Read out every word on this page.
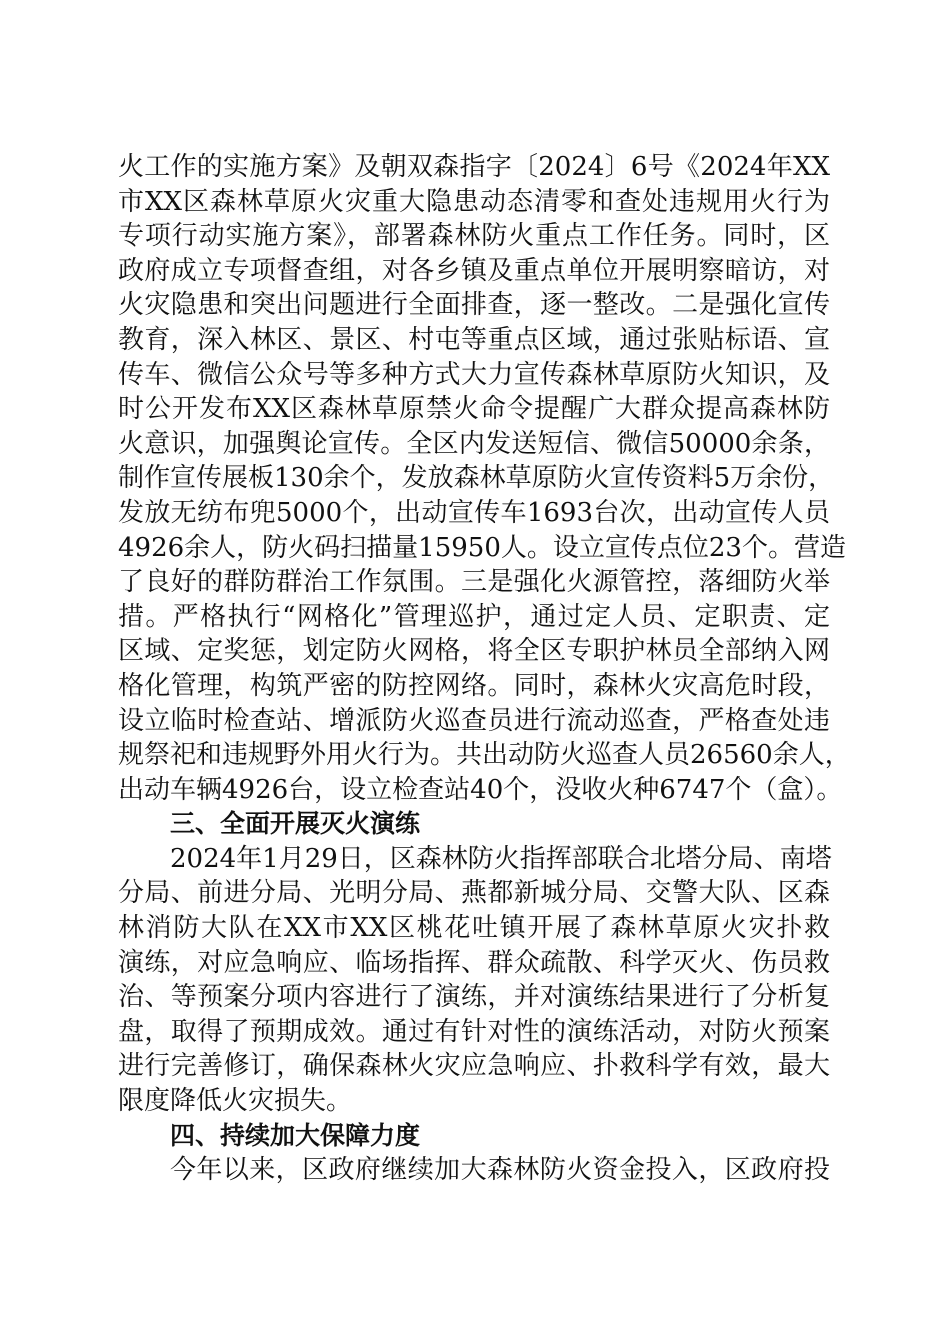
火工作的实施方案》及朝双森指字〔2024〕6号《2024年XX
市XX区森林草原火灾重大隐患动态清零和查处违规用火行为
专项行动实施方案》，部署森林防火重点工作任务。同时，区
政府成立专项督查组，对各乡镇及重点单位开展明察暗访，对
火灾隐患和突出问题进行全面排查，逐一整改。二是强化宣传
教育，深入林区、景区、村屯等重点区域，通过张贴标语、宣
传车、微信公众号等多种方式大力宣传森林草原防火知识，及
时公开发布XX区森林草原禁火命令提醒广大群众提高森林防
火意识，加强舆论宣传。全区内发送短信、微信50000余条，
制作宣传展板130余个，发放森林草原防火宣传资料5万余份，
发放无纺布兜5000个，出动宣传车1693台次，出动宣传人员
4926余人，防火码扫描量15950人。设立宣传点位23个。营造
了良好的群防群治工作氛围。三是强化火源管控，落细防火举
措。严格执行“网格化”管理巡护，通过定人员、定职责、定
区域、定奖惩，划定防火网格，将全区专职护林员全部纳入网
格化管理，构筑严密的防控网络。同时，森林火灾高危时段，
设立临时检查站、增派防火巡查员进行流动巡查，严格查处违
规祭祀和违规野外用火行为。共出动防火巡查人员26560余人，
出动车辆4926台，设立检查站40个，没收火种6747个（盒）。
三、全面开展灭火演练
2024年1月29日，区森林防火指挥部联合北塔分局、南塔
分局、前进分局、光明分局、燕都新城分局、交警大队、区森
林消防大队在XX市XX区桃花吐镇开展了森林草原火灾扑救
演练，对应急响应、临场指挥、群众疏散、科学灭火、伤员救
治、等预案分项内容进行了演练，并对演练结果进行了分析复
盘，取得了预期成效。通过有针对性的演练活动，对防火预案
进行完善修订，确保森林火灾应急响应、扑救科学有效，最大
限度降低火灾损失。
四、持续加大保障力度
今年以来，区政府继续加大森林防火资金投入，区政府投
